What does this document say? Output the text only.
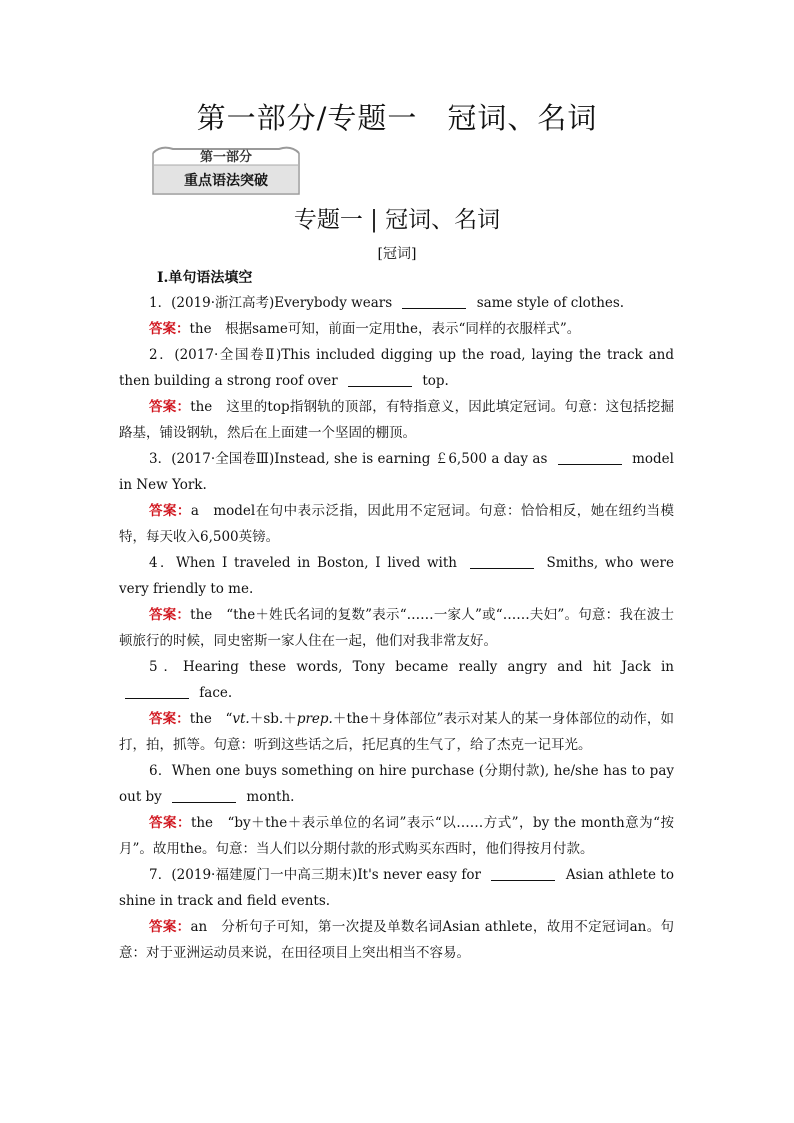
第一部分/专题一　冠词、名词
第一部分
重点语法突破
专题一 | 冠词、名词
[冠词]
Ⅰ.单句语法填空

1．(2019·浙江高考)Everybody wears	same style of clothes.

答案：the　根据same可知，前面一定用the，表示“同样的衣服样式”。

2．(2017·全国卷Ⅱ)This included digging up the road, laying the track and then building a strong roof over	top.

答案：the　这里的top指钢轨的顶部，有特指意义，因此填定冠词。句意：这包括挖掘路基，铺设钢轨，然后在上面建一个坚固的棚顶。

3．(2017·全国卷Ⅲ)Instead, she is earning ￡6,500 a day as	model in New York.

答案：a　model在句中表示泛指，因此用不定冠词。句意：恰恰相反，她在纽约当模特，每天收入6,500英镑。

4．When I traveled in Boston, I lived with	Smiths, who were very friendly to me.

答案：the　“the＋姓氏名词的复数”表示“……一家人”或“……夫妇”。句意：我在波士顿旅行的时候，同史密斯一家人住在一起，他们对我非常友好。

5．Hearing these words, Tony became really angry and hit Jack in  face.

答案：the　“vt.＋sb.＋prep.＋the＋身体部位”表示对某人的某一身体部位的动作，如打，拍，抓等。句意：听到这些话之后，托尼真的生气了，给了杰克一记耳光。

6．When one buys something on hire purchase (分期付款), he/she has to pay out by	month.

答案：the　“by＋the＋表示单位的名词”表示“以……方式”，by the month意为“按月”。故用the。句意：当人们以分期付款的形式购买东西时，他们得按月付款。

7．(2019·福建厦门一中高三期末)It's never easy for	Asian athlete to shine in track and field events.

答案：an　分析句子可知，第一次提及单数名词Asian athlete，故用不定冠词an。句意：对于亚洲运动员来说，在田径项目上突出相当不容易。
